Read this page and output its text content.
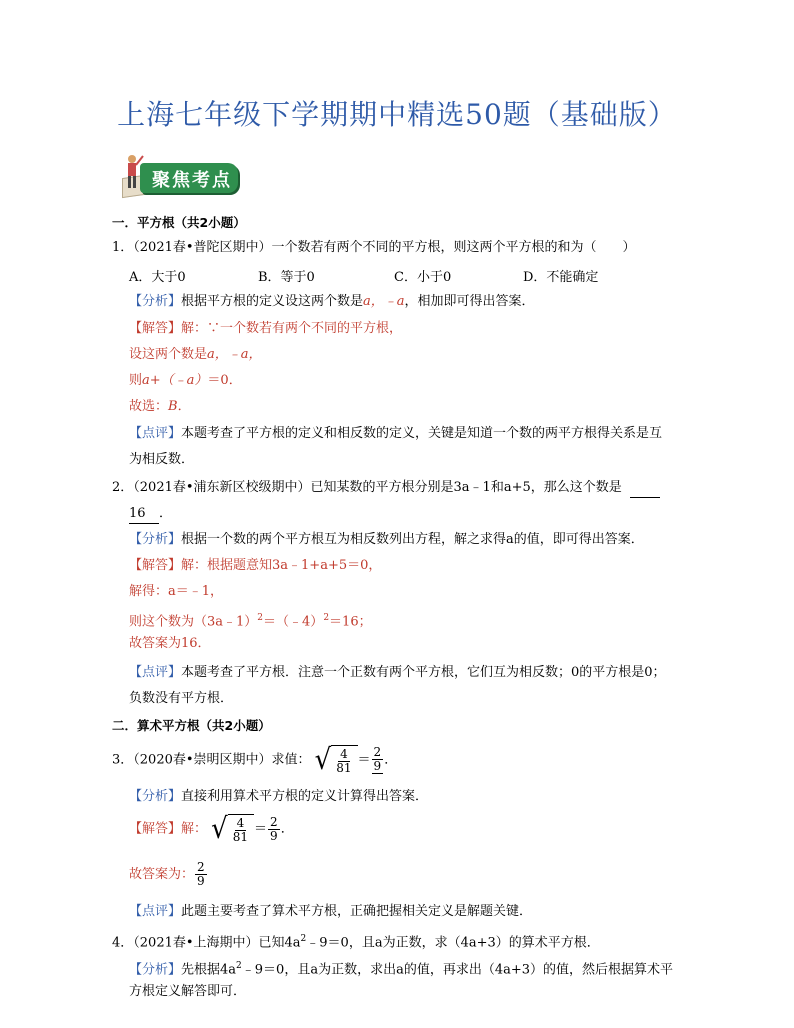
上海七年级下学期期中精选50题（基础版）
聚焦考点
一．平方根（共2小题）
1．（2021春•普陀区期中）一个数若有两个不同的平方根，则这两个平方根的和为（　　）
A．大于0	B．等于0	C．小于0	D．不能确定
【分析】根据平方根的定义设这两个数是a，﹣a，相加即可得出答案．
【解答】解：∵一个数若有两个不同的平方根，
设这两个数是a，﹣a，
则a+（﹣a）＝0．
故选：B．
【点评】本题考查了平方根的定义和相反数的定义，关键是知道一个数的两平方根得关系是互
为相反数．
2．（2021春•浦东新区校级期中）已知某数的平方根分别是3a﹣1和a+5，那么这个数是

16 ．
【分析】根据一个数的两个平方根互为相反数列出方程，解之求得a的值，即可得出答案．
【解答】解：根据题意知3a﹣1+a+5＝0，
解得：a＝﹣1，
则这个数为（3a﹣1）$^2$＝（﹣4）$^2$＝16；
故答案为16．
【点评】本题考查了平方根．注意一个正数有两个平方根，它们互为相反数；0的平方根是0；
负数没有平方根．
二．算术平方根（共2小题）
3．（2020春•崇明区期中）求值： √ $\frac{4}{81} = \frac{2}{9}$ ．
【分析】直接利用算术平方根的定义计算得出答案．
【解答】解： √ $\frac{4}{81} = \frac{2}{9}$ ．
故答案为： $\frac{2}{9}$
【点评】此题主要考查了算术平方根，正确把握相关定义是解题关键．
4．（2021春•上海期中）已知$4a^2﹣9=0$，且a为正数，求（4a+3）的算术平方根．
【分析】先根据$4a^2﹣9=0$，且a为正数，求出a的值，再求出（4a+3）的值，然后根据算术平
方根定义解答即可．
